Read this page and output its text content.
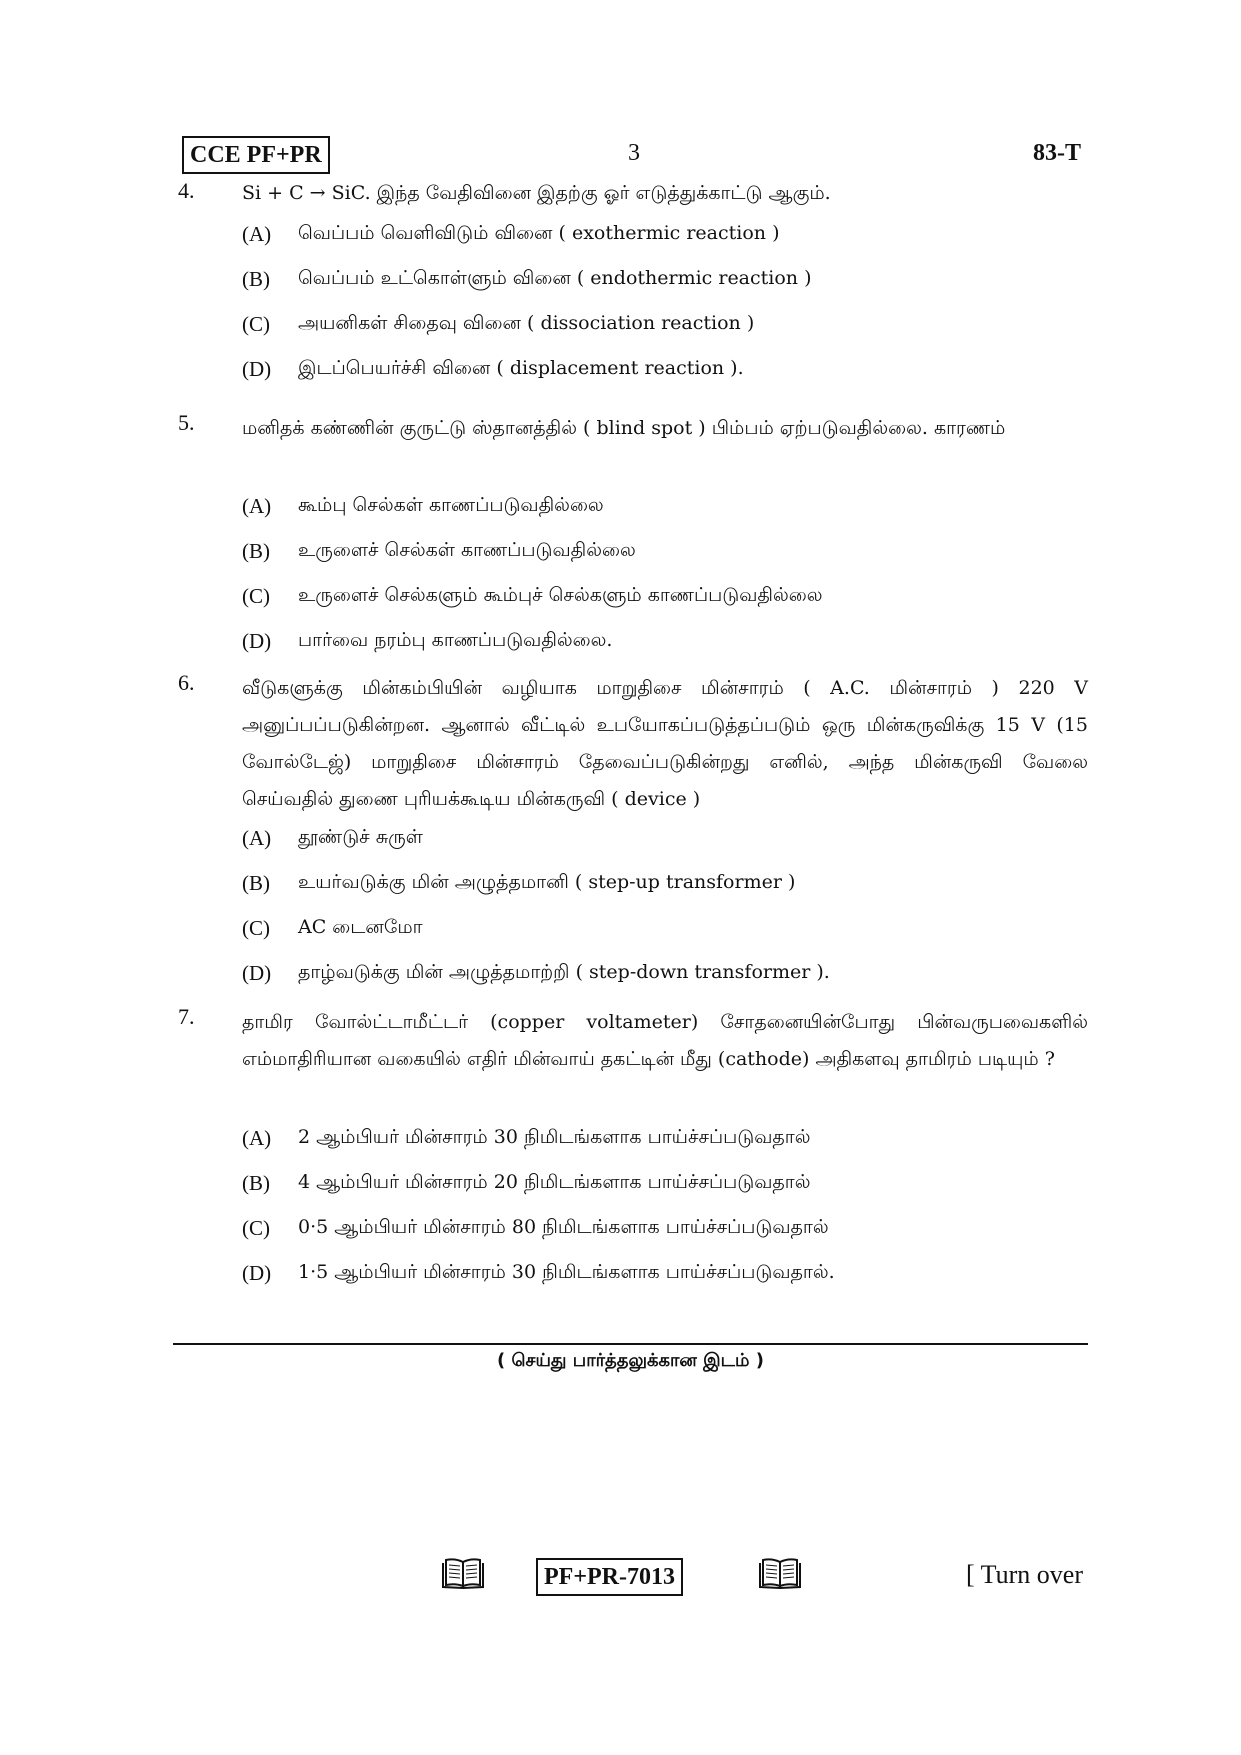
CCE PF+PR	3	83-T
4.	Si + C → SiC. இந்த வேதிவினை இதற்கு ஓர் எடுத்துக்காட்டு ஆகும்.
(A) வெப்பம் வெளிவிடும் வினை ( exothermic reaction )
(B) வெப்பம் உட்கொள்ளும் வினை ( endothermic reaction )
(C) அயனிகள் சிதைவு வினை ( dissociation reaction )
(D) இடப்பெயர்ச்சி வினை ( displacement reaction ).
5.	மனிதக் கண்ணின் குருட்டு ஸ்தானத்தில் ( blind spot ) பிம்பம் ஏற்படுவதில்லை. காரணம்
(A) கூம்பு செல்கள் காணப்படுவதில்லை
(B) உருளைச் செல்கள் காணப்படுவதில்லை
(C) உருளைச் செல்களும் கூம்புச் செல்களும் காணப்படுவதில்லை
(D) பார்வை நரம்பு காணப்படுவதில்லை.
6.	வீடுகளுக்கு மின்கம்பியின் வழியாக மாறுதிசை மின்சாரம் ( A.C. மின்சாரம் ) 220 V அனுப்பப்படுகின்றன. ஆனால் வீட்டில் உபயோகப்படுத்தப்படும் ஒரு மின்கருவிக்கு 15 V (15 வோல்டேஜ்) மாறுதிசை மின்சாரம் தேவைப்படுகின்றது எனில், அந்த மின்கருவி வேலை செய்வதில் துணை புரியக்கூடிய மின்கருவி ( device )
(A) தூண்டுச் சுருள்
(B) உயர்வடுக்கு மின் அழுத்தமானி ( step-up transformer )
(C) AC டைனமோ
(D) தாழ்வடுக்கு மின் அழுத்தமாற்றி ( step-down transformer ).
7.	தாமிர வோல்ட்டாமீட்டர் (copper voltameter) சோதனையின்போது பின்வருபவைகளில் எம்மாதிரியான வகையில் எதிர் மின்வாய் தகட்டின் மீது (cathode) அதிகளவு தாமிரம் படியும் ?
(A) 2 ஆம்பியர் மின்சாரம் 30 நிமிடங்களாக பாய்ச்சப்படுவதால்
(B) 4 ஆம்பியர் மின்சாரம் 20 நிமிடங்களாக பாய்ச்சப்படுவதால்
(C) 0·5 ஆம்பியர் மின்சாரம் 80 நிமிடங்களாக பாய்ச்சப்படுவதால்
(D) 1·5 ஆம்பியர் மின்சாரம் 30 நிமிடங்களாக பாய்ச்சப்படுவதால்.
( செய்து பார்த்தலுக்கான இடம் )
PF+PR-7013	[ Turn over
